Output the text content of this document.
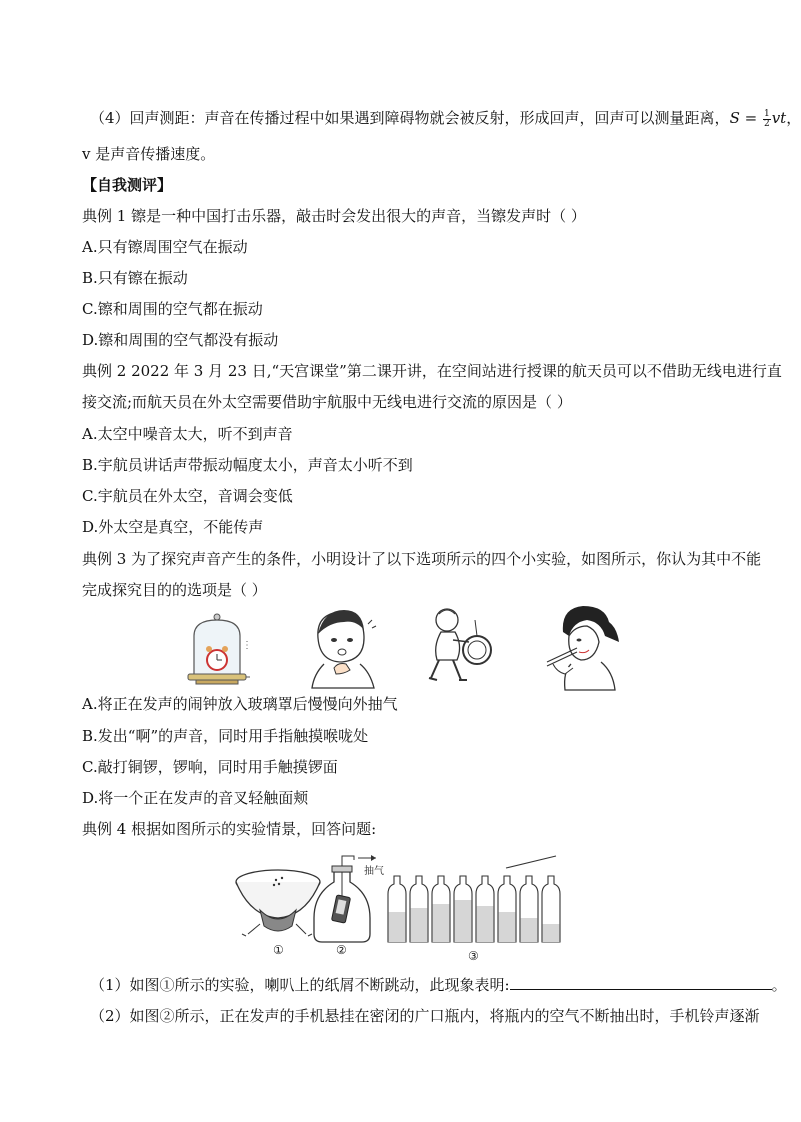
（4）回声测距：声音在传播过程中如果遇到障碍物就会被反射，形成回声，回声可以测量距离，$S = \frac{1}{2}$ vt，
v 是声音传播速度。
【自我测评】
典例 1 镲是一种中国打击乐器，敲击时会发出很大的声音，当镲发声时（ ）
A.只有镲周围空气在振动
B.只有镲在振动
C.镲和周围的空气都在振动
D.镲和周围的空气都没有振动
典例 2 2022 年 3 月 23 日,“天宫课堂”第二课开讲，在空间站进行授课的航天员可以不借助无线电进行直
接交流;而航天员在外太空需要借助宇航服中无线电进行交流的原因是（ ）
A.太空中噪音太大，听不到声音
B.宇航员讲话声带振动幅度太小，声音太小听不到
C.宇航员在外太空，音调会变低
D.外太空是真空，不能传声
典例 3 为了探究声音产生的条件，小明设计了以下选项所示的四个小实验，如图所示，你认为其中不能
完成探究目的的选项是（ ）
⋮
A.将正在发声的闹钟放入玻璃罩后慢慢向外抽气
B.发出“啊”的声音，同时用手指触摸喉咙处
C.敲打铜锣，锣响，同时用手触摸锣面
D.将一个正在发声的音叉轻触面颊
典例 4 根据如图所示的实验情景，回答问题:
抽气
①	②	③
（1）如图①所示的实验，喇叭上的纸屑不断跳动，此现象表明:	。
（2）如图②所示，正在发声的手机悬挂在密闭的广口瓶内，将瓶内的空气不断抽出时，手机铃声逐渐
